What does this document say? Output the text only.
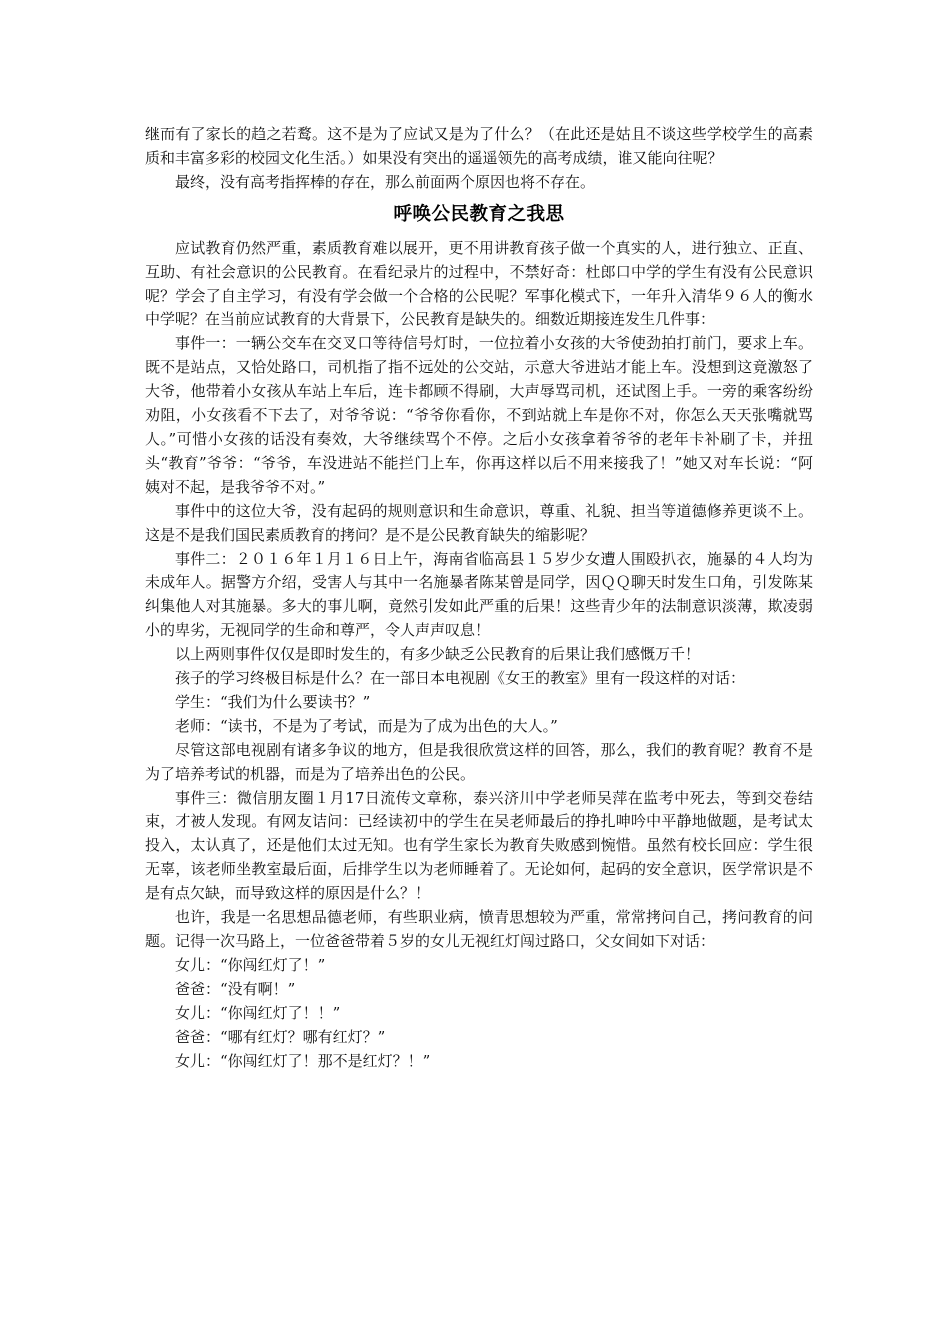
继而有了家长的趋之若鹜。这不是为了应试又是为了什么？（在此还是姑且不谈这些学校学生的高素质和丰富多彩的校园文化生活。）如果没有突出的遥遥领先的高考成绩，谁又能向往呢？

最终，没有高考指挥棒的存在，那么前面两个原因也将不存在。

呼唤公民教育之我思

应试教育仍然严重，素质教育难以展开，更不用讲教育孩子做一个真实的人，进行独立、正直、互助、有社会意识的公民教育。在看纪录片的过程中，不禁好奇：杜郎口中学的学生有没有公民意识呢？学会了自主学习，有没有学会做一个合格的公民呢？军事化模式下，一年升入清华９６人的衡水中学呢？在当前应试教育的大背景下，公民教育是缺失的。细数近期接连发生几件事：

事件一：一辆公交车在交叉口等待信号灯时，一位拉着小女孩的大爷使劲拍打前门，要求上车。既不是站点，又恰处路口，司机指了指不远处的公交站，示意大爷进站才能上车。没想到这竟激怒了大爷，他带着小女孩从车站上车后，连卡都顾不得刷，大声辱骂司机，还试图上手。一旁的乘客纷纷劝阻，小女孩看不下去了，对爷爷说：“爷爷你看你，不到站就上车是你不对，你怎么天天张嘴就骂人。”可惜小女孩的话没有奏效，大爷继续骂个不停。之后小女孩拿着爷爷的老年卡补刷了卡，并扭头“教育”爷爷：“爷爷，车没进站不能拦门上车，你再这样以后不用来接我了！”她又对车长说：“阿姨对不起，是我爷爷不对。”

事件中的这位大爷，没有起码的规则意识和生命意识，尊重、礼貌、担当等道德修养更谈不上。这是不是我们国民素质教育的拷问？是不是公民教育缺失的缩影呢？

事件二：２０１６年１月１６日上午，海南省临高县１５岁少女遭人围殴扒衣，施暴的４人均为未成年人。据警方介绍，受害人与其中一名施暴者陈某曾是同学，因ＱＱ聊天时发生口角，引发陈某纠集他人对其施暴。多大的事儿啊，竟然引发如此严重的后果！这些青少年的法制意识淡薄，欺凌弱小的卑劣，无视同学的生命和尊严，令人声声叹息！

以上两则事件仅仅是即时发生的，有多少缺乏公民教育的后果让我们感慨万千！

孩子的学习终极目标是什么？在一部日本电视剧《女王的教室》里有一段这样的对话：

学生：“我们为什么要读书？”

老师：“读书，不是为了考试，而是为了成为出色的大人。”

尽管这部电视剧有诸多争议的地方，但是我很欣赏这样的回答，那么，我们的教育呢？教育不是为了培养考试的机器，而是为了培养出色的公民。

事件三：微信朋友圈１月17日流传文章称，泰兴济川中学老师吴萍在监考中死去，等到交卷结束，才被人发现。有网友诘问：已经读初中的学生在吴老师最后的挣扎呻吟中平静地做题，是考试太投入，太认真了，还是他们太过无知。也有学生家长为教育失败感到惋惜。虽然有校长回应：学生很无辜，该老师坐教室最后面，后排学生以为老师睡着了。无论如何，起码的安全意识，医学常识是不是有点欠缺，而导致这样的原因是什么？！

也许，我是一名思想品德老师，有些职业病，愤青思想较为严重，常常拷问自己，拷问教育的问题。记得一次马路上，一位爸爸带着５岁的女儿无视红灯闯过路口，父女间如下对话：

女儿：“你闯红灯了！”

爸爸：“没有啊！”

女儿：“你闯红灯了！！”

爸爸：“哪有红灯？哪有红灯？”

女儿：“你闯红灯了！那不是红灯？！”
